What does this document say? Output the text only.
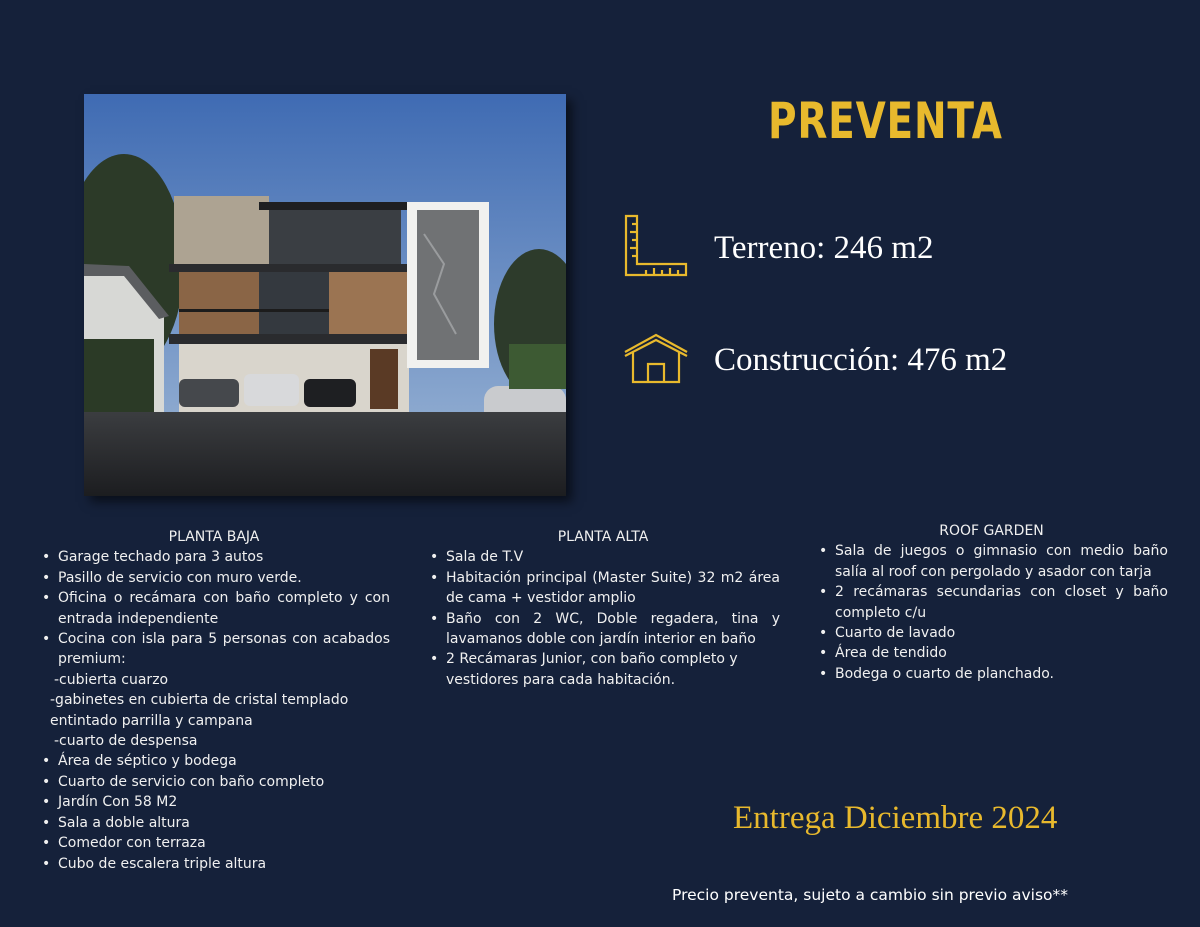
PREVENTA
Terreno: 246 m2
Construcción: 476 m2
PLANTA BAJA
• Garage techado para 3 autos
• Pasillo de servicio con muro verde.
• Oficina o recámara con baño completo y con entrada independiente
• Cocina con isla para 5 personas con acabados premium:
-cubierta cuarzo
-gabinetes en cubierta de cristal templado entintado parrilla y campana
-cuarto de despensa
• Área de séptico y bodega
• Cuarto de servicio con baño completo
• Jardín Con 58 M2
• Sala a doble altura
• Comedor con terraza
• Cubo de escalera triple altura
PLANTA ALTA
• Sala de T.V
• Habitación principal (Master Suite) 32 m2 área de cama + vestidor amplio
• Baño con 2 WC, Doble regadera, tina y lavamanos doble con jardín interior en baño
• 2 Recámaras Junior, con baño completo y vestidores para cada habitación.
ROOF GARDEN
• Sala de juegos o gimnasio con medio baño salía al roof con pergolado y asador con tarja
• 2 recámaras secundarias con closet y baño completo c/u
• Cuarto de lavado
• Área de tendido
• Bodega o cuarto de planchado.
Entrega Diciembre 2024
Precio preventa, sujeto a cambio sin previo aviso**
